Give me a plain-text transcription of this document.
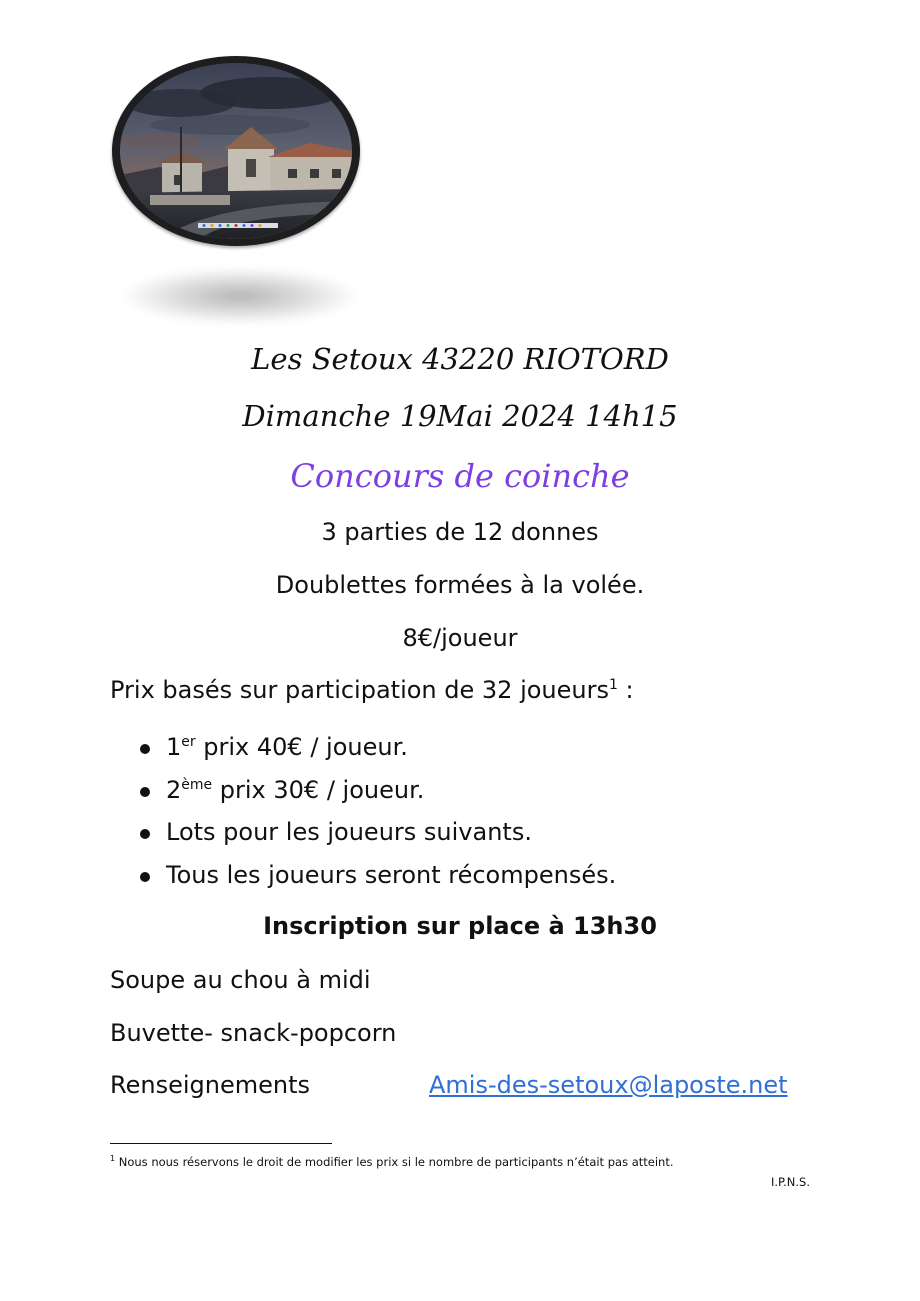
Les Setoux 43220 RIOTORD
Dimanche 19Mai 2024 14h15
Concours de coinche
3 parties de 12 donnes
Doublettes formées à la volée.
8€/joueur
Prix basés sur participation de 32 joueurs$^1$ :
1er prix 40€ / joueur.
2ème prix 30€ / joueur.
Lots pour les joueurs suivants.
Tous les joueurs seront récompensés.
Inscription sur place à 13h30
Soupe au chou à midi
Buvette- snack-popcorn
Renseignements	Amis-des-setoux@laposte.net
$^1$ Nous nous réservons le droit de modifier les prix si le nombre de participants n’était pas atteint.
I.P.N.S.
